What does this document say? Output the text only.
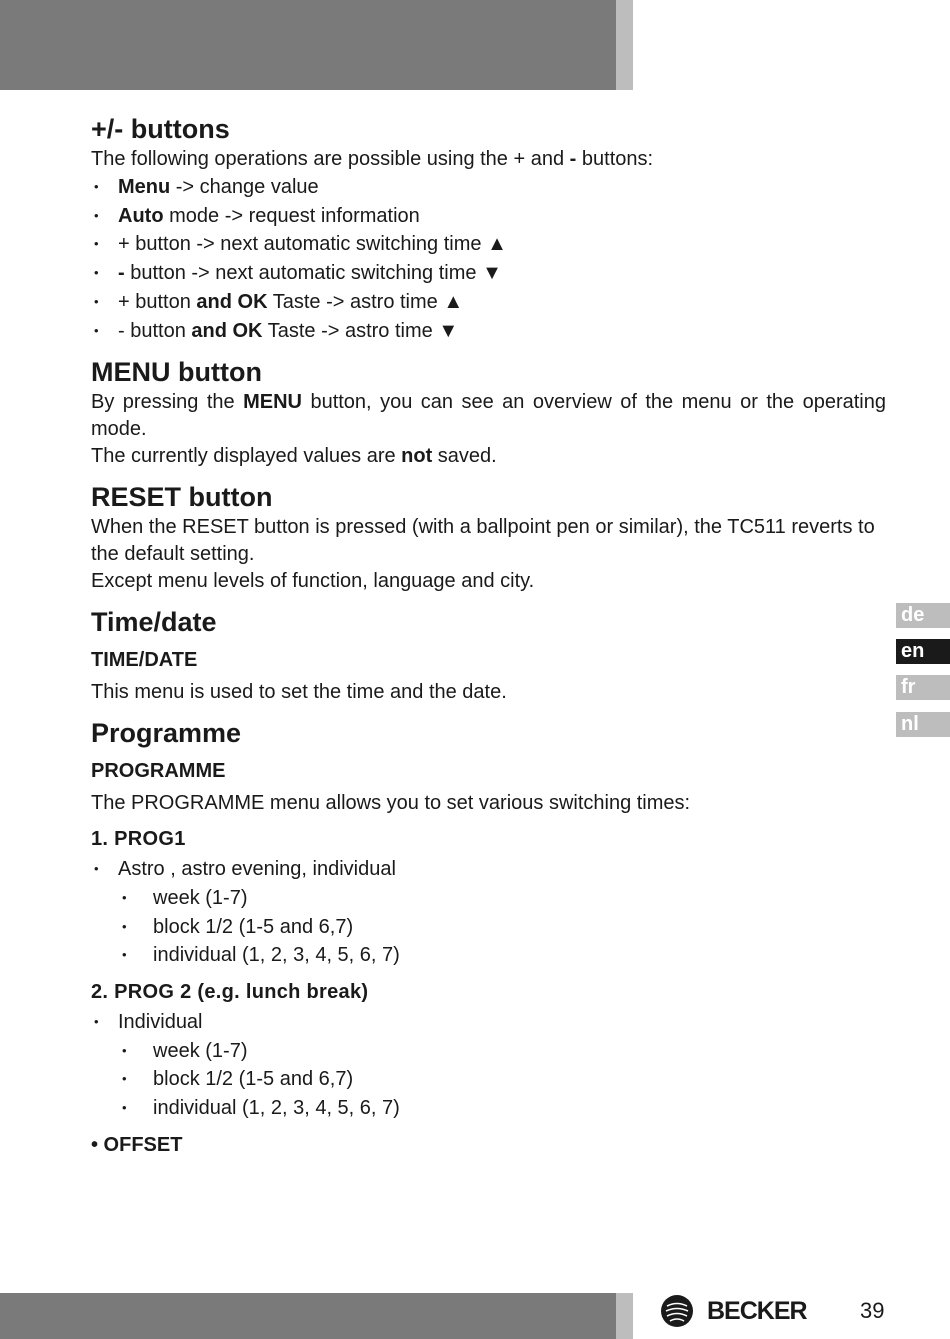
+/- buttons

The following operations are possible using the + and - buttons:

• Menu -> change value
• Auto mode -> request information
• + button -> next automatic switching time ▲
• - button -> next automatic switching time ▼
• + button and OK Taste -> astro time ▲
• - button and OK Taste -> astro time ▼
MENU button

By pressing the MENU button, you can see an overview of the menu or the operating mode.

The currently displayed values are not saved.

RESET button

When the RESET button is pressed (with a ballpoint pen or similar), the TC511 reverts to the default setting.

Except menu levels of function, language and city.

Time/date
TIME/DATE

This menu is used to set the time and the date.

Programme
PROGRAMME

The PROGRAMME menu allows you to set various switching times:

1. PROG1
• Astro , astro evening, individual
• week (1-7)
• block 1/2 (1-5 and 6,7)
• individual (1, 2, 3, 4, 5, 6, 7)
2. PROG 2 (e.g. lunch break)
• Individual
• week (1-7)
• block 1/2 (1-5 and 6,7)
• individual (1, 2, 3, 4, 5, 6, 7)
• OFFSET
de
en
fr
nl
BECKER 39
